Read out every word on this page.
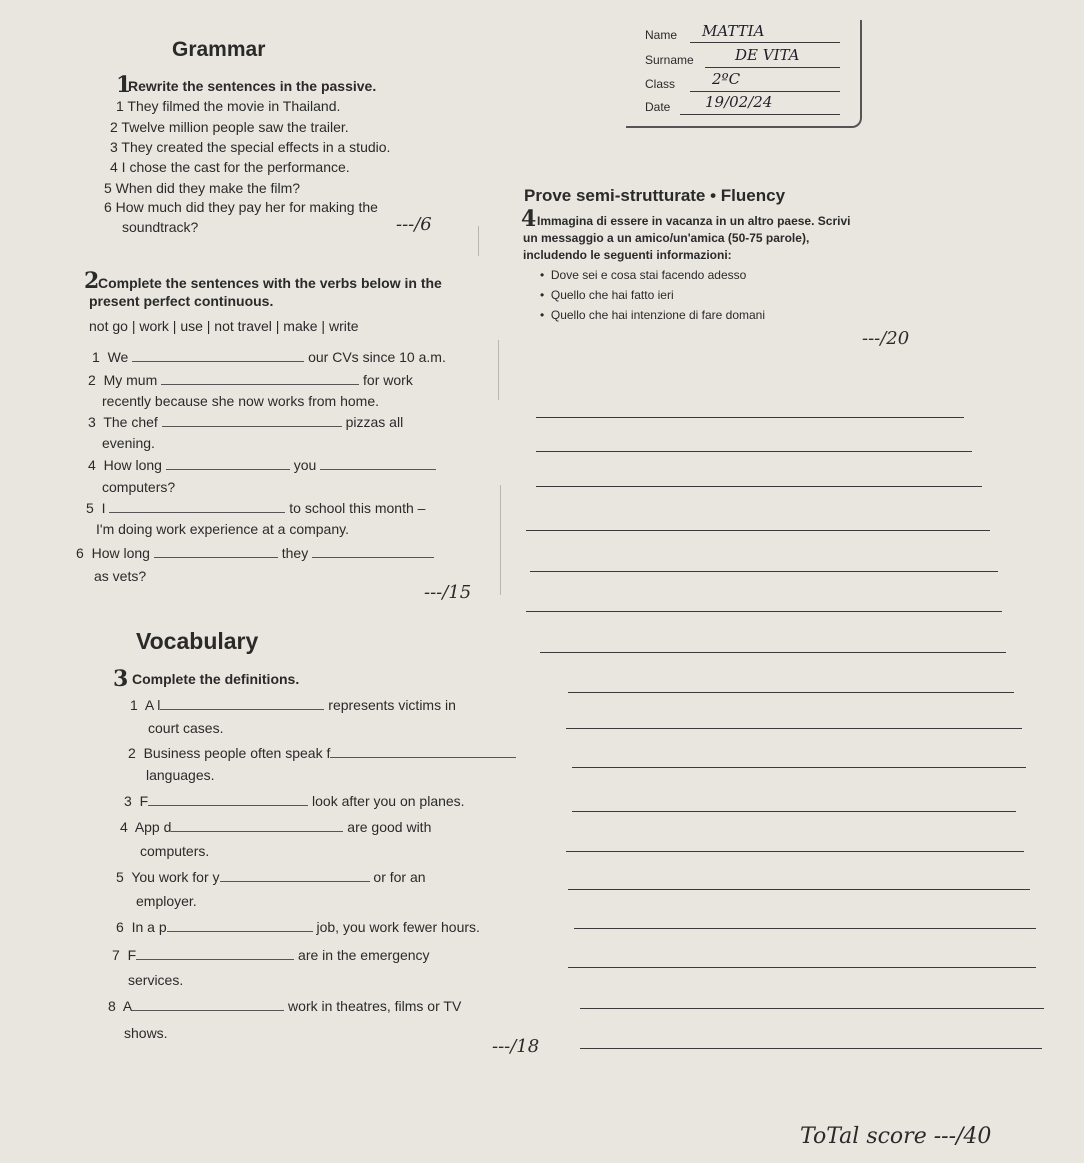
Grammar
Name MATTIA
Surname	DE VITA
Class 2ºC
Date 19/02/24
1
Rewrite the sentences in the passive.
1 They filmed the movie in Thailand.
2 Twelve million people saw the trailer.
3 They created the special effects in a studio.
4 I chose the cast for the performance.
5 When did they make the film?
6 How much did they pay her for making the
soundtrack?	---/6
2
Complete the sentences with the verbs below in the
present perfect continuous.
not go | work | use | not travel | make | write
1 We	our CVs since 10 a.m.
2 My mum	for work
recently because she now works from home.
3 The chef	pizzas all
evening.
4 How long	you
computers?
5 I	to school this month –
I'm doing work experience at a company.
6 How long	they
as vets?
---/15
Prove semi-strutturate • Fluency
4 Immagina di essere in vacanza in un altro paese. Scrivi
un messaggio a un amico/un'amica (50-75 parole),
includendo le seguenti informazioni:
•  Dove sei e cosa stai facendo adesso
•  Quello che hai fatto ieri
•  Quello che hai intenzione di fare domani
---/20
Vocabulary
3 Complete the definitions.
1 A l	represents victims in
court cases.
2 Business people often speak f
languages.
3 F	look after you on planes.
4 App d	are good with
computers.
5 You work for y	or for an
employer.
6 In a p	job, you work fewer hours.
7 F	are in the emergency
services.
8 A	work in theatres, films or TV
shows.
---/18
ToTal score ---/40
